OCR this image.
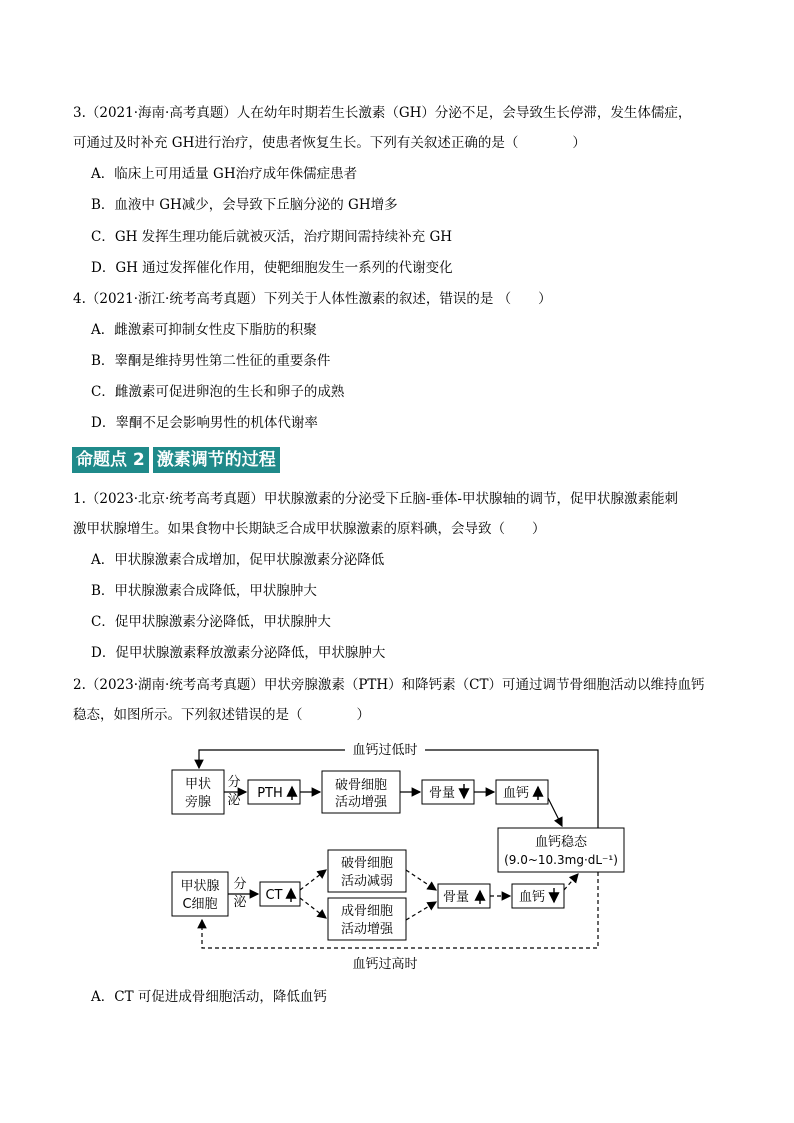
3.（2021·海南·高考真题）人在幼年时期若生长激素（GH）分泌不足，会导致生长停滞，发生体儒症，
可通过及时补充 GH进行治疗，使患者恢复生长。下列有关叙述正确的是（　　　　）
A．临床上可用适量 GH治疗成年侏儒症患者
B．血液中 GH减少，会导致下丘脑分泌的 GH增多
C．GH 发挥生理功能后就被灭活，治疗期间需持续补充 GH
D．GH 通过发挥催化作用，使靶细胞发生一系列的代谢变化
4.（2021·浙江·统考高考真题）下列关于人体性激素的叙述，错误的是 （　　）
A．雌激素可抑制女性皮下脂肪的积聚
B．睾酮是维持男性第二性征的重要条件
C．雌激素可促进卵泡的生长和卵子的成熟
D．睾酮不足会影响男性的机体代谢率
命题点 2 激素调节的过程
1.（2023·北京·统考高考真题）甲状腺激素的分泌受下丘脑-垂体-甲状腺轴的调节，促甲状腺激素能刺
激甲状腺增生。如果食物中长期缺乏合成甲状腺激素的原料碘，会导致（　　）
A．甲状腺激素合成增加，促甲状腺激素分泌降低
B．甲状腺激素合成降低，甲状腺肿大
C．促甲状腺激素分泌降低，甲状腺肿大
D．促甲状腺激素释放激素分泌降低，甲状腺肿大
2.（2023·湖南·统考高考真题）甲状旁腺激素（PTH）和降钙素（CT）可通过调节骨细胞活动以维持血钙
稳态，如图所示。下列叙述错误的是（　　　　）
血钙过低时
甲状
旁腺
分
泌 PTH
破骨细胞
活动增强
骨量	血钙
血钙稳态
(9.0~10.3mg·dL⁻¹)
甲状腺
C细胞
分
泌 CT
破骨细胞
活动减弱
成骨细胞
活动增强
骨量	血钙
血钙过高时
A．CT 可促进成骨细胞活动，降低血钙
